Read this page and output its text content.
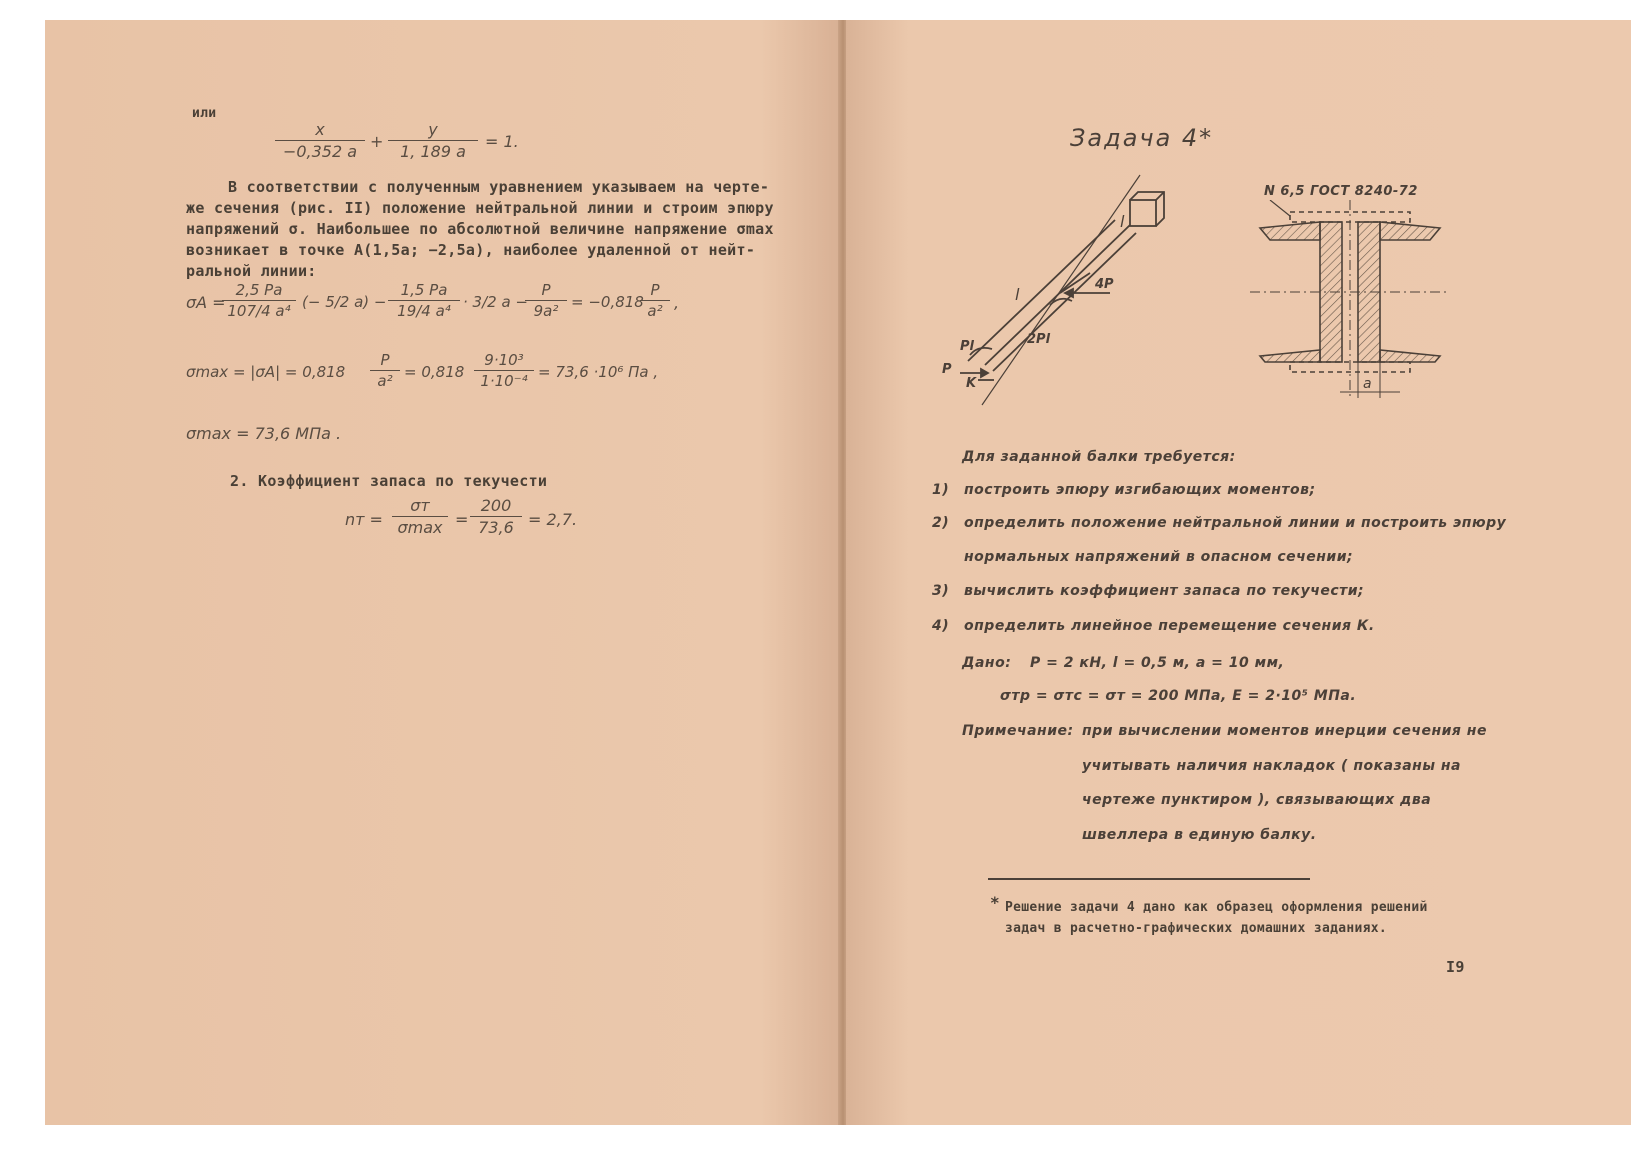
или
$\frac{x}{-0,352 a} + \frac{y}{1, 189 a} = 1$.
В соответствии с полученным уравнением указываем на черте-
же сечения (рис. II) положение нейтральной линии и строим эпюру
напряжений σ. Наибольшее по абсолютной величине напряжение σmax
возникает в точке A(1,5a; −2,5a), наиболее удаленной от нейт-
ральной линии:
σA =
$\frac{2,5 Pa}{\text{107/4 a⁴}}$ (− 5/2 $a) - \frac{1,5 Pa}{\text{19/4 a⁴}} \cdot 3/2$ a −
$\frac{P}{\text{9a²}} = -0,818$
$\frac{P}{\text{a²}}$ ,
$\sigma\max = |\sigma A| = 0,818 \frac{P}{\text{a²}} = 0,818 \frac{\text{9·10³}}{\text{1·10⁻⁴}} = 73,6 \cdot 10^6$ Па ,
σmax = 73,6 МПа .
2. Коэффициент запаса по текучести
nт =
σт
$\sigma\max = \frac{200}{73,6} = 2,7$.
Задача 4*
l
l
4P
2Pl
Pl
P
K
N 6,5 ГОСТ 8240-72
a
Для заданной балки требуется:
1) построить эпюру изгибающих моментов;
2) определить положение нейтральной линии и построить эпюру
нормальных напряжений в опасном сечении;
3) вычислить коэффициент запаса по текучести;
4) определить линейное перемещение сечения К.
Дано: P = 2 кН, l = 0,5 м, a = 10 мм,
σтр = σтс = σт = 200 МПа, E = 2·10⁵ МПа.
Примечание: при вычислении моментов инерции сечения не
учитывать наличия накладок ( показаны на
чертеже пунктиром ), связывающих два
швеллера в единую балку.
* Решение задачи 4 дано как образец оформления решений
задач в расчетно-графических домашних заданиях.
I9
